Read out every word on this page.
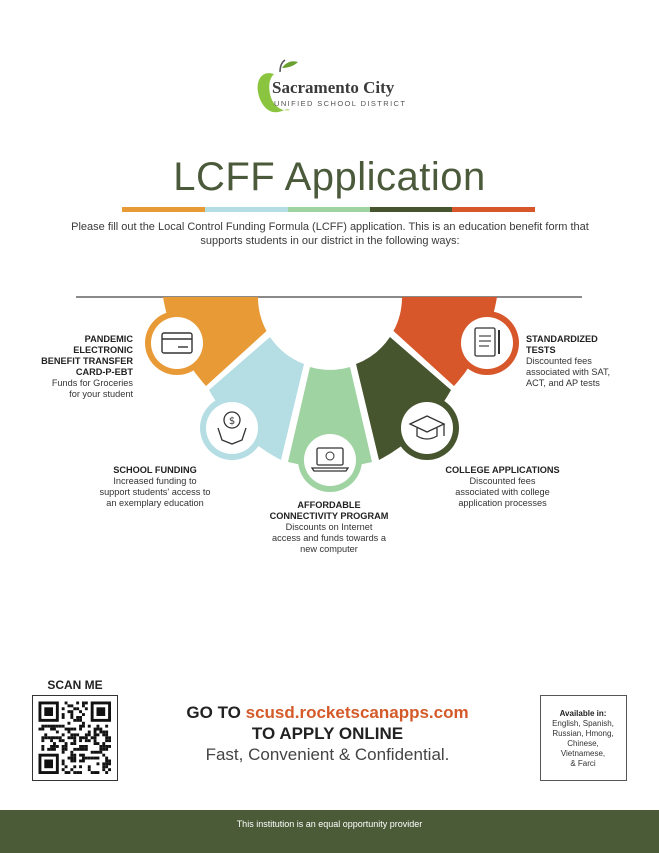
Sacramento City
UNIFIED SCHOOL DISTRICT
LCFF Application
Please fill out the Local Control Funding Formula (LCFF) application. This is an education benefit form that supports students in our district in the following ways:
$
PANDEMIC
ELECTRONIC
BENEFIT TRANSFER
CARD-P-EBT
Funds for Groceries
for your student
SCHOOL FUNDING
Increased funding to
support students' access to
an exemplary education	AFFORDABLE
CONNECTIVITY PROGRAM
Discounts on Internet
access and funds towards a
new computer
COLLEGE APPLICATIONS
Discounted fees
associated with college
application processes
STANDARDIZED
TESTS
Discounted fees
associated with SAT,
ACT, and AP tests
SCAN ME
GO TO scusd.rocketscanapps.com
TO APPLY ONLINE
Fast, Convenient & Confidential.
Available in:
English, Spanish,
Russian, Hmong,
Chinese,
Vietnamese,
& Farci
This institution is an equal opportunity provider
